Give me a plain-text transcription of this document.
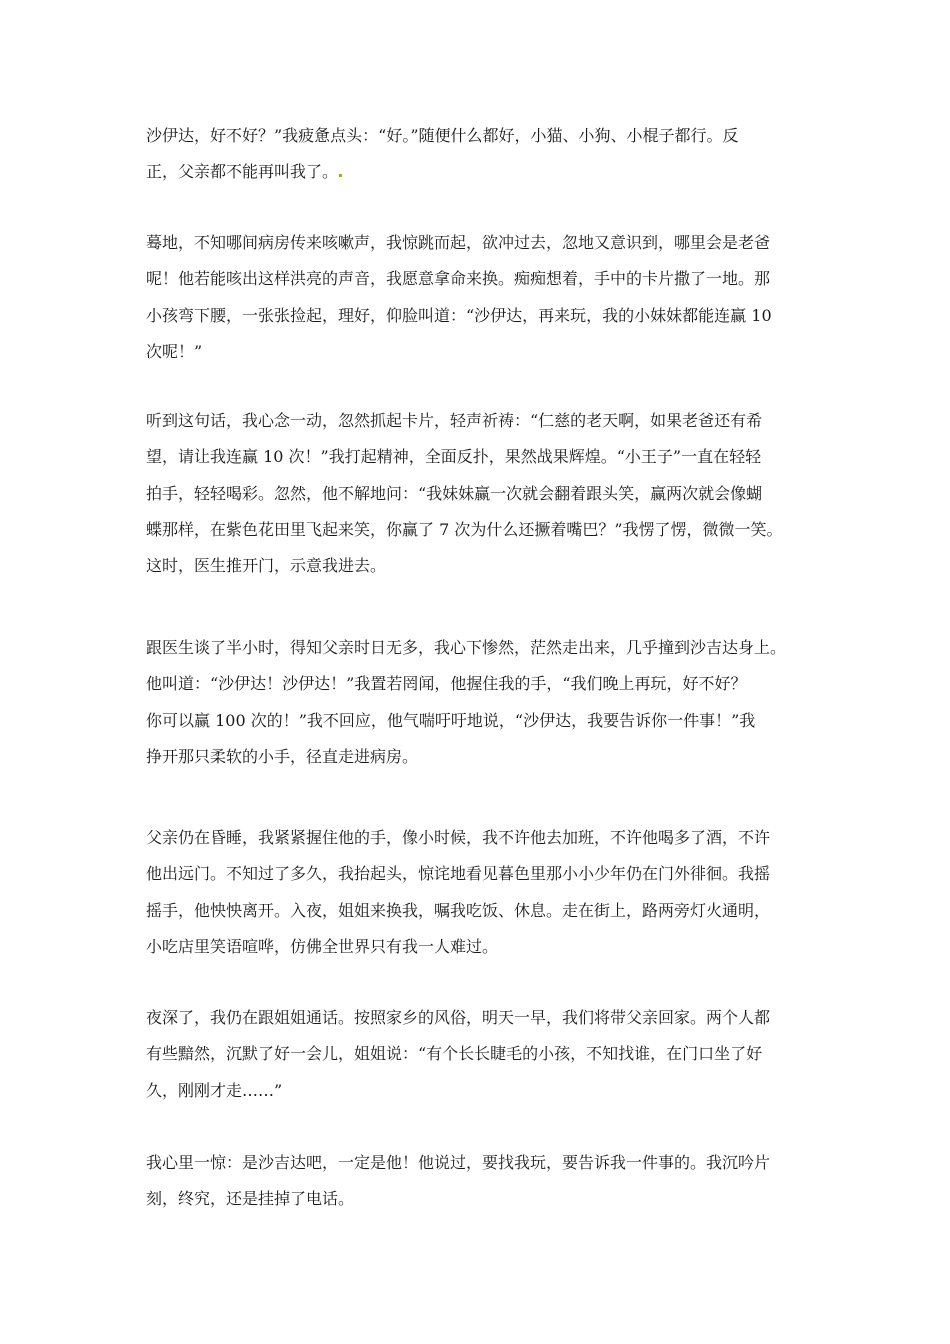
沙伊达，好不好？”我疲惫点头：“好。”随便什么都好，小猫、小狗、小棍子都行。反
正，父亲都不能再叫我了。
蓦地，不知哪间病房传来咳嗽声，我惊跳而起，欲冲过去，忽地又意识到，哪里会是老爸
呢！他若能咳出这样洪亮的声音，我愿意拿命来换。痴痴想着，手中的卡片撒了一地。那
小孩弯下腰，一张张捡起，理好，仰脸叫道：“沙伊达，再来玩，我的小妹妹都能连赢 10
次呢！”
听到这句话，我心念一动，忽然抓起卡片，轻声祈祷：“仁慈的老天啊，如果老爸还有希
望，请让我连赢 10 次！”我打起精神，全面反扑，果然战果辉煌。“小王子”一直在轻轻
拍手，轻轻喝彩。忽然，他不解地问：“我妹妹赢一次就会翻着跟头笑，赢两次就会像蝴
蝶那样，在紫色花田里飞起来笑，你赢了 7 次为什么还撅着嘴巴？”我愣了愣，微微一笑。
这时，医生推开门，示意我进去。
跟医生谈了半小时，得知父亲时日无多，我心下惨然，茫然走出来，几乎撞到沙吉达身上。
他叫道：“沙伊达！沙伊达！”我置若罔闻，他握住我的手，“我们晚上再玩，好不好？
你可以赢 100 次的！”我不回应，他气喘吁吁地说，“沙伊达，我要告诉你一件事！”我
挣开那只柔软的小手，径直走进病房。
父亲仍在昏睡，我紧紧握住他的手，像小时候，我不许他去加班，不许他喝多了酒，不许
他出远门。不知过了多久，我抬起头，惊诧地看见暮色里那小小少年仍在门外徘徊。我摇
摇手，他怏怏离开。入夜，姐姐来换我，嘱我吃饭、休息。走在街上，路两旁灯火通明，
小吃店里笑语喧哗，仿佛全世界只有我一人难过。
夜深了，我仍在跟姐姐通话。按照家乡的风俗，明天一早，我们将带父亲回家。两个人都
有些黯然，沉默了好一会儿，姐姐说：“有个长长睫毛的小孩，不知找谁，在门口坐了好
久，刚刚才走……”
我心里一惊：是沙吉达吧，一定是他！他说过，要找我玩，要告诉我一件事的。我沉吟片
刻，终究，还是挂掉了电话。
